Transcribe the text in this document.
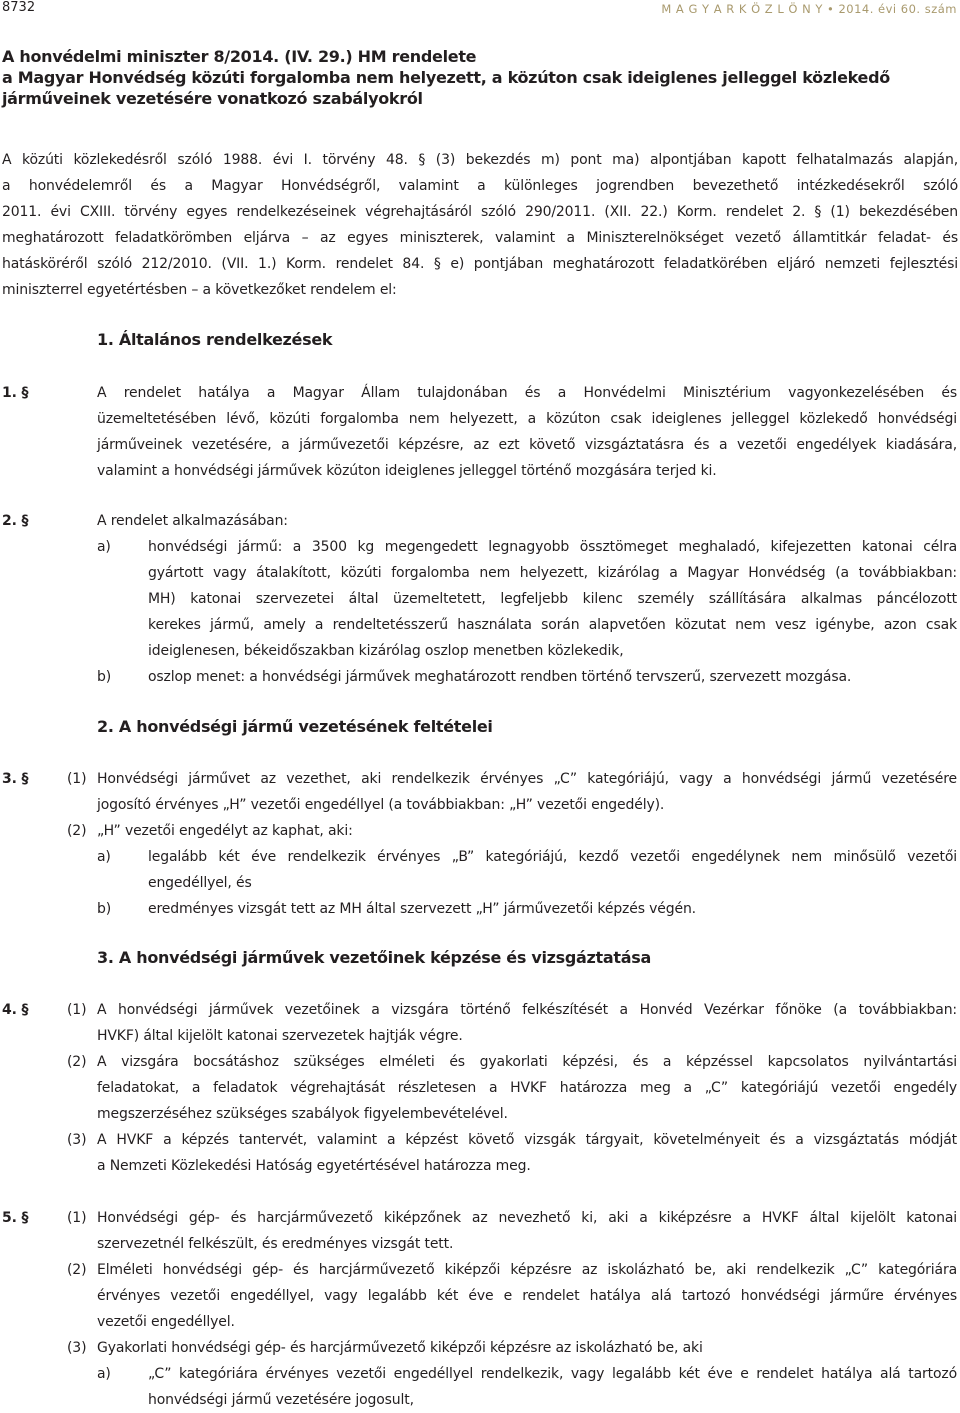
8732	M A G Y A R K Ö Z L Ö N Y • 2014. évi 60. szám
A honvédelmi miniszter 8/2014. (IV. 29.) HM rendelete
a Magyar Honvédség közúti forgalomba nem helyezett, a közúton csak ideiglenes jelleggel közlekedő
járműveinek vezetésére vonatkozó szabályokról
A közúti közlekedésről szóló 1988. évi I. törvény 48. § (3) bekezdés m) pont ma) alpontjában kapott felhatalmazás alapján,
a honvédelemről és a Magyar Honvédségről, valamint a különleges jogrendben bevezethető intézkedésekről szóló
2011. évi CXIII. törvény egyes rendelkezéseinek végrehajtásáról szóló 290/2011. (XII. 22.) Korm. rendelet 2. § (1) bekezdésében
meghatározott feladatkörömben eljárva – az egyes miniszterek, valamint a Miniszterelnökséget vezető államtitkár feladat- és
hatásköréről szóló 212/2010. (VII. 1.) Korm. rendelet 84. § e) pontjában meghatározott feladatkörében eljáró nemzeti fejlesztési
miniszterrel egyetértésben – a következőket rendelem el:
1. Általános rendelkezések
1. §	A rendelet hatálya a Magyar Állam tulajdonában és a Honvédelmi Minisztérium vagyonkezelésében és
üzemeltetésében lévő, közúti forgalomba nem helyezett, a közúton csak ideiglenes jelleggel közlekedő honvédségi
járműveinek vezetésére, a járművezetői képzésre, az ezt követő vizsgáztatásra és a vezetői engedélyek kiadására,
valamint a honvédségi járművek közúton ideiglenes jelleggel történő mozgására terjed ki.
2. §	A rendelet alkalmazásában:
a)	honvédségi jármű: a 3500 kg megengedett legnagyobb össztömeget meghaladó, kifejezetten katonai célra
gyártott vagy átalakított, közúti forgalomba nem helyezett, kizárólag a Magyar Honvédség (a továbbiakban:
MH) katonai szervezetei által üzemeltetett, legfeljebb kilenc személy szállítására alkalmas páncélozott
kerekes jármű, amely a rendeltetésszerű használata során alapvetően közutat nem vesz igénybe, azon csak
ideiglenesen, békeidőszakban kizárólag oszlop menetben közlekedik,
b)	oszlop menet: a honvédségi járművek meghatározott rendben történő tervszerű, szervezett mozgása.
2. A honvédségi jármű vezetésének feltételei
3. §	(1) Honvédségi járművet az vezethet, aki rendelkezik érvényes „C” kategóriájú, vagy a honvédségi jármű vezetésére
jogosító érvényes „H” vezetői engedéllyel (a továbbiakban: „H” vezetői engedély).
(2) „H” vezetői engedélyt az kaphat, aki:
a)	legalább két éve rendelkezik érvényes „B” kategóriájú, kezdő vezetői engedélynek nem minősülő vezetői
engedéllyel, és
b)	eredményes vizsgát tett az MH által szervezett „H” járművezetői képzés végén.
3. A honvédségi járművek vezetőinek képzése és vizsgáztatása
4. §	(1) A honvédségi járművek vezetőinek a vizsgára történő felkészítését a Honvéd Vezérkar főnöke (a továbbiakban:
HVKF) által kijelölt katonai szervezetek hajtják végre.
(2) A vizsgára bocsátáshoz szükséges elméleti és gyakorlati képzési, és a képzéssel kapcsolatos nyilvántartási
feladatokat, a feladatok végrehajtását részletesen a HVKF határozza meg a „C” kategóriájú vezetői engedély
megszerzéséhez szükséges szabályok figyelembevételével.
(3) A HVKF a képzés tantervét, valamint a képzést követő vizsgák tárgyait, követelményeit és a vizsgáztatás módját
a Nemzeti Közlekedési Hatóság egyetértésével határozza meg.
5. §	(1) Honvédségi gép- és harcjárművezető kiképzőnek az nevezhető ki, aki a kiképzésre a HVKF által kijelölt katonai
szervezetnél felkészült, és eredményes vizsgát tett.
(2) Elméleti honvédségi gép- és harcjárművezető kiképzői képzésre az iskolázható be, aki rendelkezik „C” kategóriára
érvényes vezetői engedéllyel, vagy legalább két éve e rendelet hatálya alá tartozó honvédségi járműre érvényes
vezetői engedéllyel.
(3) Gyakorlati honvédségi gép- és harcjárművezető kiképzői képzésre az iskolázható be, aki
a)	„C” kategóriára érvényes vezetői engedéllyel rendelkezik, vagy legalább két éve e rendelet hatálya alá tartozó
honvédségi jármű vezetésére jogosult,
